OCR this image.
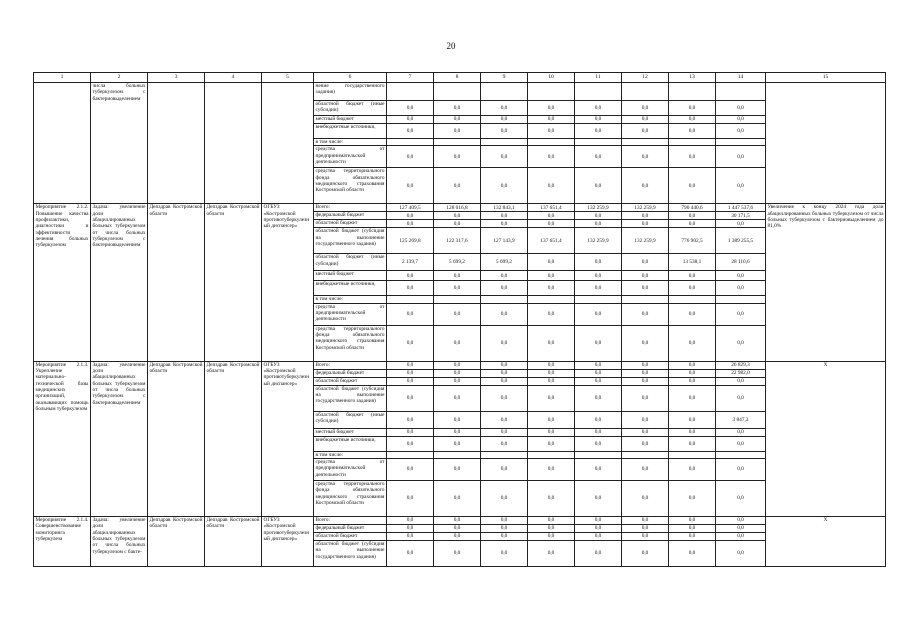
20
1	2	3	4	5	6	7	8	9	10	11	12	13	14	15
	числа больных туберкулезом с бактериовыделением				нение государственного задания)									
					областной бюджет (иные субсидии)	0,0	0,0	0,0	0,0	0,0	0,0	0,0	0,0	
					местный бюджет	0,0	0,0	0,0	0,0	0,0	0,0	0,0	0,0	
					внебюджетные источники,	0,0	0,0	0,0	0,0	0,0	0,0	0,0	0,0	
					в том числе:									
					средства от предпринимательской деятельности	0,0	0,0	0,0	0,0	0,0	0,0	0,0	0,0	
					средства территориального фонда обязательного медицинского страхования Костромской области	0,0	0,0	0,0	0,0	0,0	0,0	0,0	0,0	
Мероприятие 2.1.2. Повышение качества профилактики, диагностики и эффективности лечения больных туберкулезом	Задача: увеличение доли абациллированных больных туберкулезом от числа больных туберкулезом с бактериовыделением	Депздрав Костромской области	Депздрав Костромской области	ОГБУЗ «Костромской противотуберкулезный диспансер»	Всего:	127 409,5	128 016,8	132 843,1	137 651,4	132 259,9	132 259,9	790 440,6	1 447 537,6	Увеличение к концу 2024 года доли абациллированных больных туберкулезом от числа больных туберкулезом с бактериовыделением до 81,0%
					федеральный бюджет	0,0	0,0	0,0	0,0	0,0	0,0	0,0	30 171,5	
					областной бюджет	0,0	0,0	0,0	0,0	0,0	0,0	0,0	0,0	
					областной бюджет (субсидия на выполнение государственного задания)	125 269,8	122 317,6	127 143,9	137 651,4	132 259,9	132 259,9	776 902,5	1 389 255,5	
					областной бюджет (иные субсидии)	2 139,7	5 699,2	5 699,2	0,0	0,0	0,0	13 538,1	28 110,6	
					местный бюджет	0,0	0,0	0,0	0,0	0,0	0,0	0,0	0,0	
					внебюджетные источники,	0,0	0,0	0,0	0,0	0,0	0,0	0,0	0,0	
					в том числе:									
					средства от предпринимательской деятельности	0,0	0,0	0,0	0,0	0,0	0,0	0,0	0,0	
					средства территориального фонда обязательного медицинского страхования Костромской области	0,0	0,0	0,0	0,0	0,0	0,0	0,0	0,0	
Мероприятие 2.1.3. Укрепление материально-технической базы медицинских организаций, оказывающих помощь больным туберкулезом	Задача: увеличение доли абациллированных больных туберкулезом от числа больных туберкулезом с бактериовыделением	Депздрав Костромской области	Депздрав Костромской области	ОГБУЗ «Костромской противотуберкулезный диспансер»	Всего:	0,0	0,0	0,0	0,0	0,0	0,0	0,0	26 829,3	X
					федеральный бюджет	0,0	0,0	0,0	0,0	0,0	0,0	0,0	22 982,0	
					областной бюджет	0,0	0,0	0,0	0,0	0,0	0,0	0,0	0,0	
					областной бюджет (субсидия на выполнение государственного задания)	0,0	0,0	0,0	0,0	0,0	0,0	0,0	0,0	
					областной бюджет (иные субсидии)	0,0	0,0	0,0	0,0	0,0	0,0	0,0	3 847,3	
					местный бюджет	0,0	0,0	0,0	0,0	0,0	0,0	0,0	0,0	
					внебюджетные источники,	0,0	0,0	0,0	0,0	0,0	0,0	0,0	0,0	
					в том числе:									
					средства от предпринимательской деятельности	0,0	0,0	0,0	0,0	0,0	0,0	0,0	0,0	
					средства территориального фонда обязательного медицинского страхования Костромской области	0,0	0,0	0,0	0,0	0,0	0,0	0,0	0,0	
Мероприятие 2.1.4. Совершенствование мониторинга туберкулеза	Задача: увеличение доли абациллированных больных туберкулезом от числа больных туберкулезом с бакте-	Депздрав Костромской области	Депздрав Костромской области	ОГБУЗ «Костромской противотуберкулезный диспансер»	Всего:	0,0	0,0	0,0	0,0	0,0	0,0	0,0	0,0	X
					федеральный бюджет	0,0	0,0	0,0	0,0	0,0	0,0	0,0	0,0	
					областной бюджет	0,0	0,0	0,0	0,0	0,0	0,0	0,0	0,0	
					областной бюджет (субсидия на выполнение государственного задания)	0,0	0,0	0,0	0,0	0,0	0,0	0,0	0,0	
